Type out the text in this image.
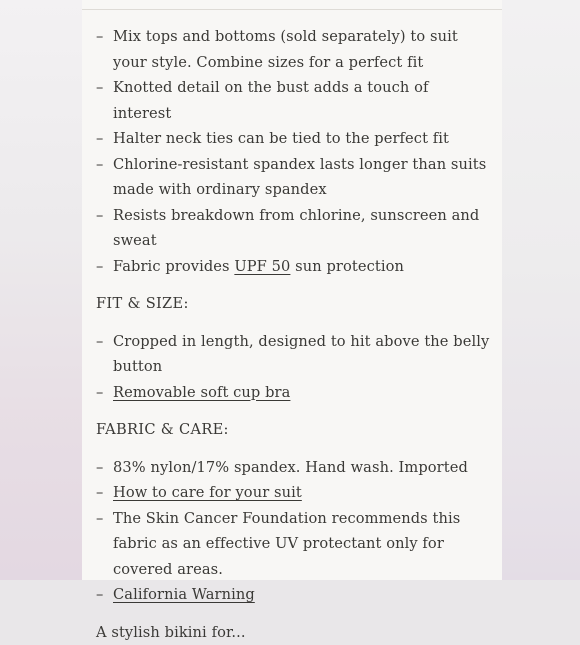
– Mix tops and bottoms (sold separately) to suit your style. Combine sizes for a perfect fit
– Knotted detail on the bust adds a touch of interest
– Halter neck ties can be tied to the perfect fit
– Chlorine-resistant spandex lasts longer than suits made with ordinary spandex
– Resists breakdown from chlorine, sunscreen and sweat
– Fabric provides UPF 50 sun protection
FIT & SIZE:
– Cropped in length, designed to hit above the belly button
– Removable soft cup bra
FABRIC & CARE:
– 83% nylon/17% spandex. Hand wash. Imported
– How to care for your suit
– The Skin Cancer Foundation recommends this fabric as an effective UV protectant only for covered areas.
– California Warning
A stylish bikini for...
